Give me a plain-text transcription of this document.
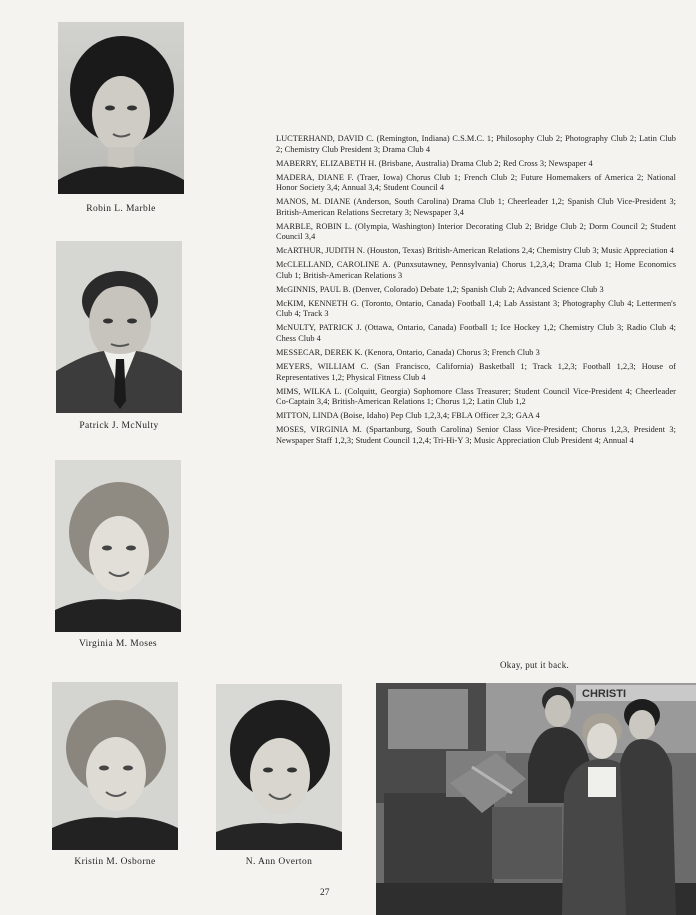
Robin L. Marble
Patrick J. McNulty
Virginia M. Moses
Kristin M. Osborne	N. Ann Overton

LUCTERHAND, DAVID C. (Remington, Indiana) C.S.M.C. 1; Philosophy Club 2; Photography Club 2; Latin Club 2; Chemistry Club President 3; Drama Club 4

MABERRY, ELIZABETH H. (Brisbane, Australia) Drama Club 2; Red Cross 3; Newspaper 4

MADERA, DIANE F. (Traer, Iowa) Chorus Club 1; French Club 2; Future Homemakers of America 2; National Honor Society 3,4; Annual 3,4; Student Council 4

MANOS, M. DIANE (Anderson, South Carolina) Drama Club 1; Cheerleader 1,2; Spanish Club Vice-President 3; British-American Relations Secretary 3; Newspaper 3,4

MARBLE, ROBIN L. (Olympia, Washington) Interior Decorating Club 2; Bridge Club 2; Dorm Council 2; Student Council 3,4

McARTHUR, JUDITH N. (Houston, Texas) British-American Relations 2,4; Chemistry Club 3; Music Appreciation 4

McCLELLAND, CAROLINE A. (Punxsutawney, Pennsylvania) Chorus 1,2,3,4; Drama Club 1; Home Economics Club 1; British-American Relations 3

McGINNIS, PAUL B. (Denver, Colorado) Debate 1,2; Spanish Club 2; Advanced Science Club 3

McKIM, KENNETH G. (Toronto, Ontario, Canada) Football 1,4; Lab Assistant 3; Photography Club 4; Lettermen's Club 4; Track 3

McNULTY, PATRICK J. (Ottawa, Ontario, Canada) Football 1; Ice Hockey 1,2; Chemistry Club 3; Radio Club 4; Chess Club 4

MESSECAR, DEREK K. (Kenora, Ontario, Canada) Chorus 3; French Club 3

MEYERS, WILLIAM C. (San Francisco, California) Basketball 1; Track 1,2,3; Football 1,2,3; House of Representatives 1,2; Physical Fitness Club 4

MIMS, WILKA L. (Colquitt, Georgia) Sophomore Class Treasurer; Student Council Vice-President 4; Cheerleader Co-Captain 3,4; British-American Relations 1; Chorus 1,2; Latin Club 1,2

MITTON, LINDA (Boise, Idaho) Pep Club 1,2,3,4; FBLA Officer 2,3; GAA 4

MOSES, VIRGINIA M. (Spartanburg, South Carolina) Senior Class Vice-President; Chorus 1,2,3, President 3; Newspaper Staff 1,2,3; Student Council 1,2,4; Tri-Hi-Y 3; Music Appreciation Club President 4; Annual 4

Okay, put it back.
CHRISTI
27
